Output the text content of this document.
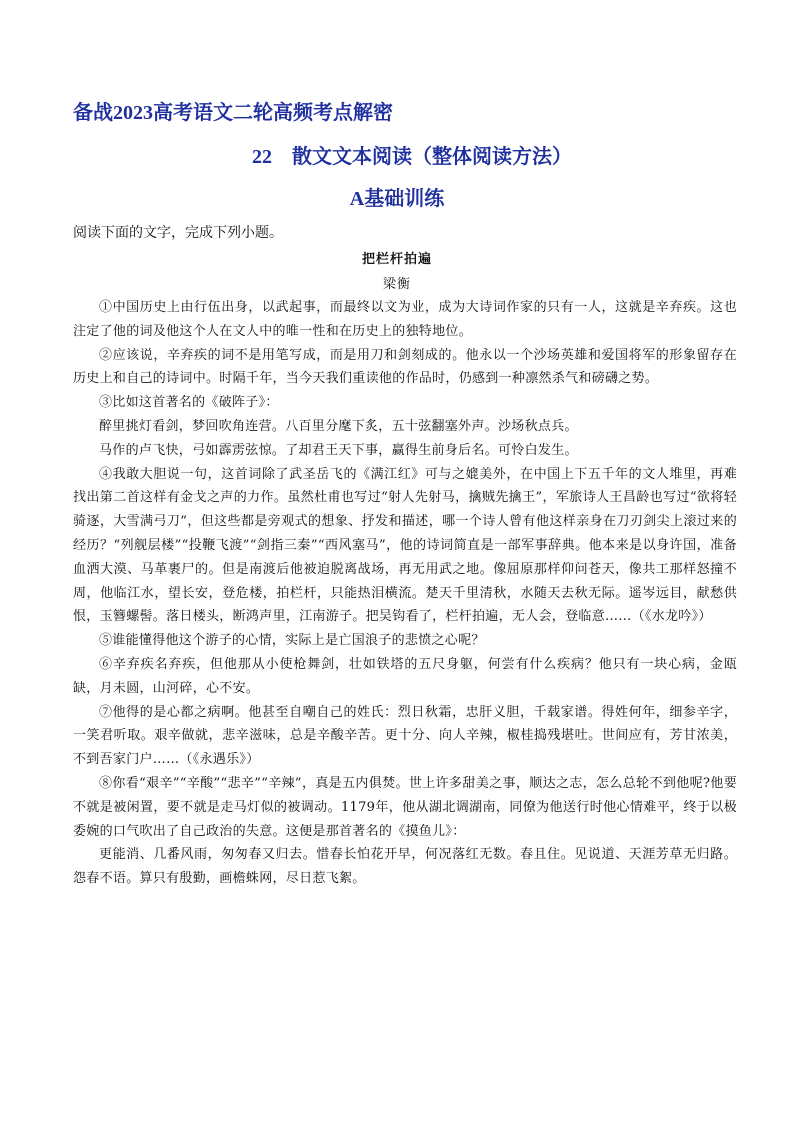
备战2023高考语文二轮高频考点解密
22　散文文本阅读（整体阅读方法）
A基础训练

阅读下面的文字，完成下列小题。

把栏杆拍遍

梁衡

①中国历史上由行伍出身，以武起事，而最终以文为业，成为大诗词作家的只有一人，这就是辛弃疾。这也注定了他的词及他这个人在文人中的唯一性和在历史上的独特地位。

②应该说，辛弃疾的词不是用笔写成，而是用刀和剑刻成的。他永以一个沙场英雄和爱国将军的形象留存在历史上和自己的诗词中。时隔千年，当今天我们重读他的作品时，仍感到一种凛然杀气和磅礴之势。

③比如这首著名的《破阵子》：

醉里挑灯看剑，梦回吹角连营。八百里分麾下炙，五十弦翻塞外声。沙场秋点兵。

马作的卢飞快，弓如霹雳弦惊。了却君王天下事，赢得生前身后名。可怜白发生。

④我敢大胆说一句，这首词除了武圣岳飞的《满江红》可与之媲美外，在中国上下五千年的文人堆里，再难找出第二首这样有金戈之声的力作。虽然杜甫也写过“射人先射马，擒贼先擒王”，军旅诗人王昌龄也写过“欲将轻骑逐，大雪满弓刀”，但这些都是旁观式的想象、抒发和描述，哪一个诗人曾有他这样亲身在刀刃剑尖上滚过来的经历？“列舰层楼”“投鞭飞渡”“剑指三秦”“西风塞马”，他的诗词简直是一部军事辞典。他本来是以身许国，准备血洒大漠、马革裹尸的。但是南渡后他被迫脱离战场，再无用武之地。像屈原那样仰问苍天，像共工那样怒撞不周，他临江水，望长安，登危楼，拍栏杆，只能热泪横流。楚天千里清秋，水随天去秋无际。遥岑远目，献愁供恨，玉簪螺髻。落日楼头，断鸿声里，江南游子。把吴钩看了，栏杆拍遍，无人会，登临意……（《水龙吟》）

⑤谁能懂得他这个游子的心情，实际上是亡国浪子的悲愤之心呢？

⑥辛弃疾名弃疾，但他那从小使枪舞剑，壮如铁塔的五尺身躯，何尝有什么疾病？他只有一块心病，金瓯缺，月未圆，山河碎，心不安。

⑦他得的是心都之病啊。他甚至自嘲自己的姓氏：烈日秋霜，忠肝义胆，千载家谱。得姓何年，细参辛字，一笑君听取。艰辛做就，悲辛滋味，总是辛酸辛苦。更十分、向人辛辣，椒桂捣残堪吐。世间应有，芳甘浓美，不到吾家门户……（《永遇乐》）

⑧你看“艰辛”“辛酸”“悲辛”“辛辣”，真是五内俱焚。世上许多甜美之事，顺达之志，怎么总轮不到他呢?他要不就是被闲置，要不就是走马灯似的被调动。1179年，他从湖北调湖南，同僚为他送行时他心情难平，终于以极委婉的口气吹出了自己政治的失意。这便是那首著名的《摸鱼儿》：

更能消、几番风雨，匆匆春又归去。惜春长怕花开早，何况落红无数。春且住。见说道、天涯芳草无归路。怨春不语。算只有殷勤，画檐蛛网，尽日惹飞絮。
